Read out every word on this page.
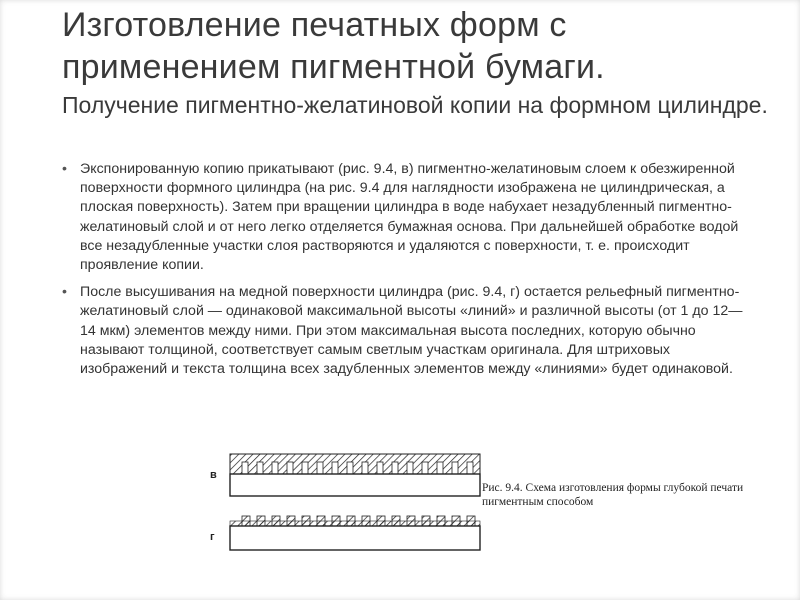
Изготовление печатных форм с применением пигментной бумаги.
Получение пигментно-желатиновой копии на формном цилиндре.
• Экспонированную копию прикатывают (рис. 9.4, в) пигментно-желатиновым слоем к обезжиренной поверхности формного цилиндра (на рис. 9.4 для наглядности изображена не цилиндрическая, а плоская поверхность). Затем при вращении цилиндра в воде набухает незадубленный пигментно-желатиновый слой и от него легко отделяется бумажная основа. При дальнейшей обработке водой все незадубленные участки слоя растворяются и удаляются с поверхности, т. е. происходит проявление копии.
• После высушивания на медной поверхности цилиндра (рис. 9.4, г) остается рельефный пигментно-желатиновый слой — одинаковой максимальной высоты «линий» и различной высоты (от 1 до 12—14 мкм) элементов между ними. При этом максимальная высота последних, которую обычно называют толщиной, соответствует самым светлым участкам оригинала. Для штриховых изображений и текста толщина всех задубленных элементов между «линиями» будет одинаковой.
в
г
Рис. 9.4. Схема изготовления формы глубокой печати
пигментным способом
